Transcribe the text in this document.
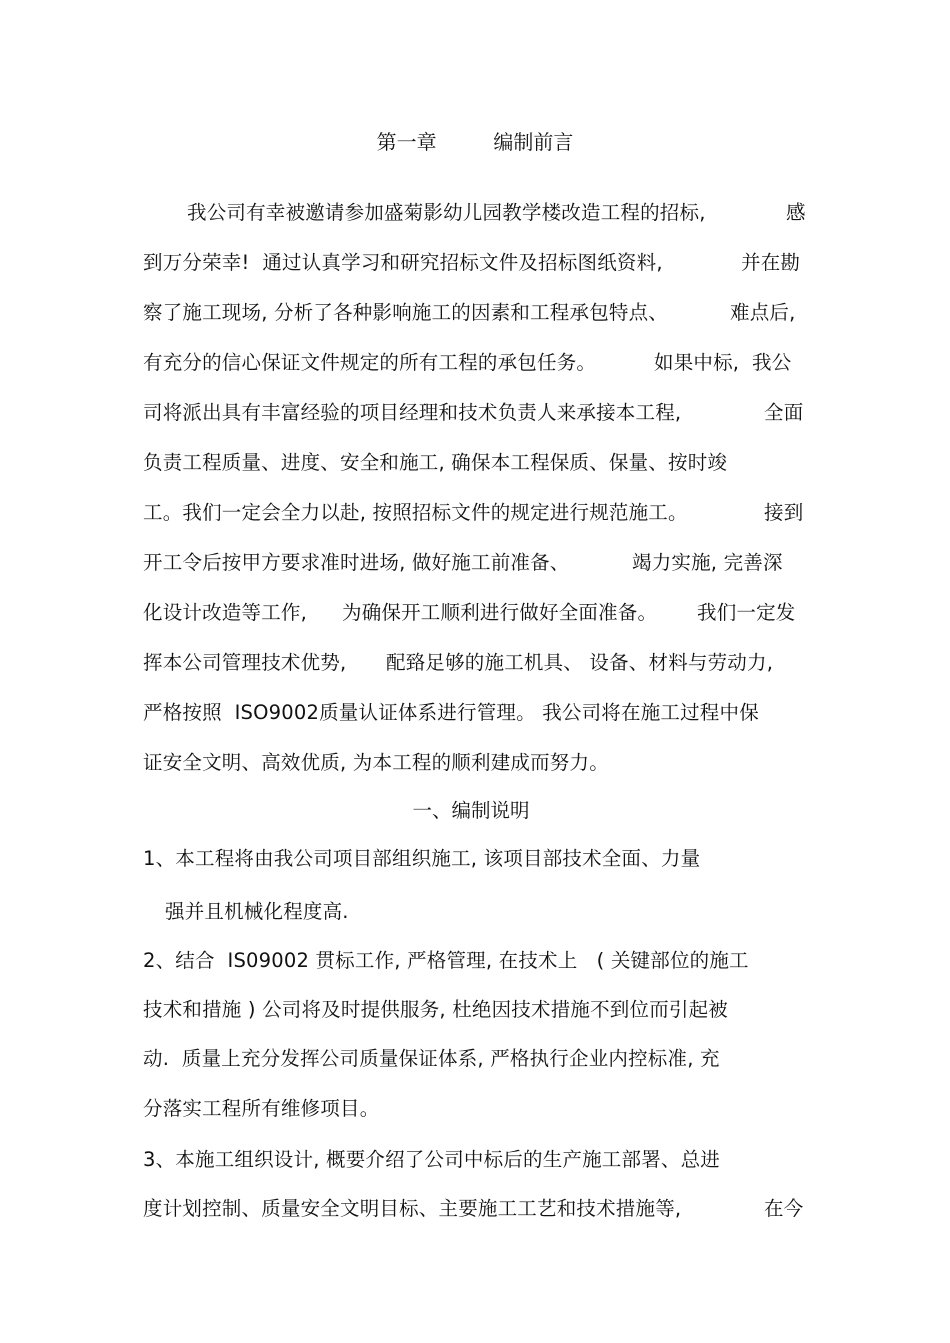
第一章	编制前言
我公司有幸被邀请参加盛菊影幼儿园教学楼改造工程的招标,	感
到万分荣幸!  通过认真学习和研究招标文件及招标图纸资料,	并在勘
察了施工现场, 分析了各种影响施工的因素和工程承包特点、	难点后,
有充分的信心保证文件规定的所有工程的承包任务。	如果中标,  我公
司将派出具有丰富经验的项目经理和技术负责人来承接本工程,	全面
负责工程质量、进度、安全和施工, 确保本工程保质、保量、按时竣
工。我们一定会全力以赴, 按照招标文件的规定进行规范施工。	接到
开工令后按甲方要求准时进场, 做好施工前准备、	竭力实施, 完善深
化设计改造等工作, 为确保开工顺利进行做好全面准备。 我们一定发
挥本公司管理技术优势, 配臵足够的施工机具、 设备、材料与劳动力,
严格按照  ISO9002质量认证体系进行管理。 我公司将在施工过程中保
证安全文明、高效优质, 为本工程的顺利建成而努力。
一、编制说明
1、本工程将由我公司项目部组织施工, 该项目部技术全面、力量
强并且机械化程度高.
2、结合  IS09002 贯标工作, 严格管理, 在技术上   ( 关键部位的施工
技术和措施 ) 公司将及时提供服务, 杜绝因技术措施不到位而引起被
动.  质量上充分发挥公司质量保证体系, 严格执行企业内控标准, 充
分落实工程所有维修项目。
3、本施工组织设计, 概要介绍了公司中标后的生产施工部署、总进
度计划控制、质量安全文明目标、主要施工工艺和技术措施等,	在今
